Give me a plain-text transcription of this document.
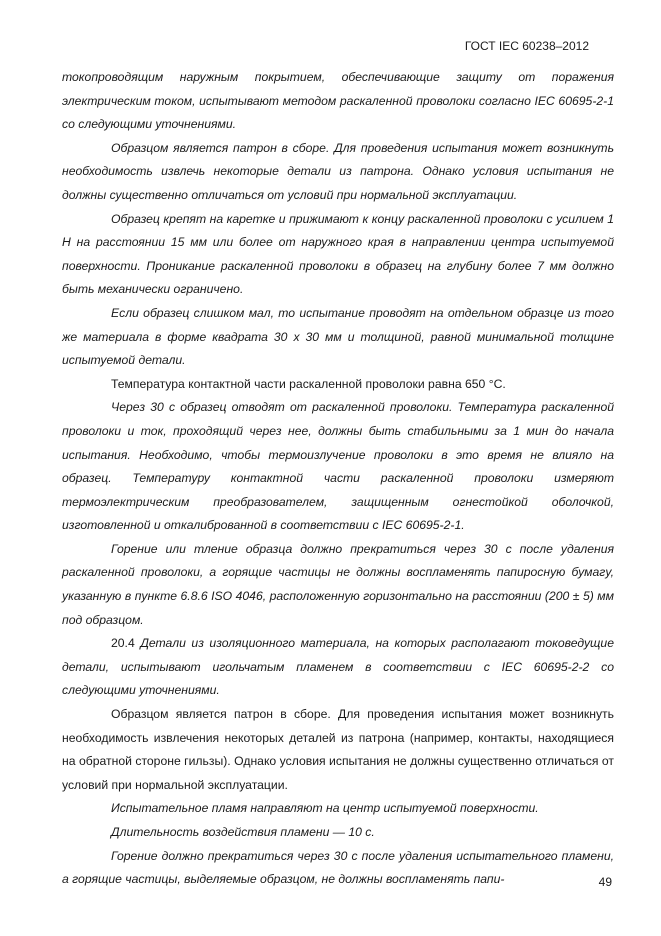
ГОСТ IEC 60238–2012

токопроводящим наружным покрытием, обеспечивающие защиту от поражения электрическим током, испытывают методом раскаленной проволоки согласно IEC 60695-2-1 со следующими уточнениями.

Образцом является патрон в сборе. Для проведения испытания может возникнуть необходимость извлечь некоторые детали из патрона. Однако условия испытания не должны существенно отличаться от условий при нормальной эксплуатации.

Образец крепят на каретке и прижимают к концу раскаленной проволоки с усилием 1 Н на расстоянии 15 мм или более от наружного края в направлении центра испытуемой поверхности. Проникание раскаленной проволоки в образец на глубину более 7 мм должно быть механически ограничено.

Если образец слишком мал, то испытание проводят на отдельном образце из того же материала в форме квадрата 30 х 30 мм и толщиной, равной минимальной толщине испытуемой детали.

Температура контактной части раскаленной проволоки равна 650 °С.

Через 30 с образец отводят от раскаленной проволоки. Температура раскаленной проволоки и ток, проходящий через нее, должны быть стабильными за 1 мин до начала испытания. Необходимо, чтобы термоизлучение проволоки в это время не влияло на образец. Температуру контактной части раскаленной проволоки измеряют термоэлектрическим преобразователем, защищенным огнестойкой оболочкой, изготовленной и откалиброванной в соответствии с IEC 60695-2-1.

Горение или тление образца должно прекратиться через 30 с после удаления раскаленной проволоки, а горящие частицы не должны воспламенять папиросную бумагу, указанную в пункте 6.8.6 ISO 4046, расположенную горизонтально на расстоянии (200 ± 5) мм под образцом.

20.4 Детали из изоляционного материала, на которых располагают токоведущие детали, испытывают игольчатым пламенем в соответствии с IEC 60695-2-2 со следующими уточнениями.

Образцом является патрон в сборе. Для проведения испытания может возникнуть необходимость извлечения некоторых деталей из патрона (например, контакты, находящиеся на обратной стороне гильзы). Однако условия испытания не должны существенно отличаться от условий при нормальной эксплуатации.

Испытательное пламя направляют на центр испытуемой поверхности.

Длительность воздействия пламени — 10 с.

Горение должно прекратиться через 30 с после удаления испытательного пламени, а горящие частицы, выделяемые образцом, не должны воспламенять папи-	49
